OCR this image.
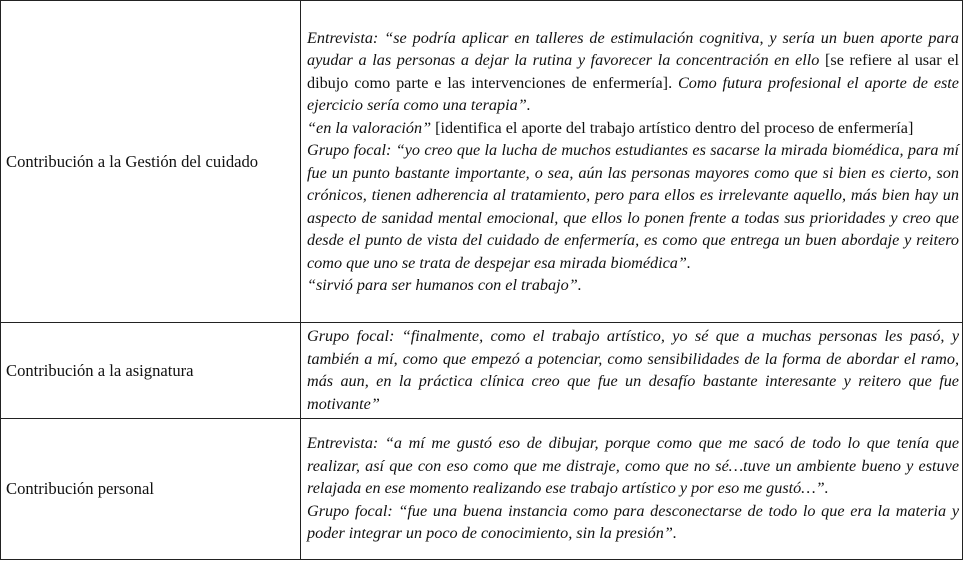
Contribución a la Gestión del cuidado	Entrevista: “se podría aplicar en talleres de estimulación cognitiva, y sería un buen aporte para ayudar a las personas a dejar la rutina y favorecer la concentración en ello [se refiere al usar el dibujo como parte e las intervenciones de enfermería]. Como futura profesional el aporte de este ejercicio sería como una terapia”.
“en la valoración” [identifica el aporte del trabajo artístico dentro del proceso de enfermería]
Grupo focal: “yo creo que la lucha de muchos estudiantes es sacarse la mirada biomédica, para mí fue un punto bastante importante, o sea, aún las personas mayores como que si bien es cierto, son crónicos, tienen adherencia al tratamiento, pero para ellos es irrelevante aquello, más bien hay un aspecto de sanidad mental emocional, que ellos lo ponen frente a todas sus prioridades y creo que desde el punto de vista del cuidado de enfermería, es como que entrega un buen abordaje y reitero como que uno se trata de despejar esa mirada biomédica”.
“sirvió para ser humanos con el trabajo”.

Contribución a la asignatura	Grupo focal: “finalmente, como el trabajo artístico, yo sé que a muchas personas les pasó, y también a mí, como que empezó a potenciar, como sensibilidades de la forma de abordar el ramo, más aun, en la práctica clínica creo que fue un desafío bastante interesante y reitero que fue motivante”

Contribución personal	Entrevista: “a mí me gustó eso de dibujar, porque como que me sacó de todo lo que tenía que realizar, así que con eso como que me distraje, como que no sé…tuve un ambiente bueno y estuve relajada en ese momento realizando ese trabajo artístico y por eso me gustó…”.
Grupo focal: “fue una buena instancia como para desconectarse de todo lo que era la materia y poder integrar un poco de conocimiento, sin la presión”.
